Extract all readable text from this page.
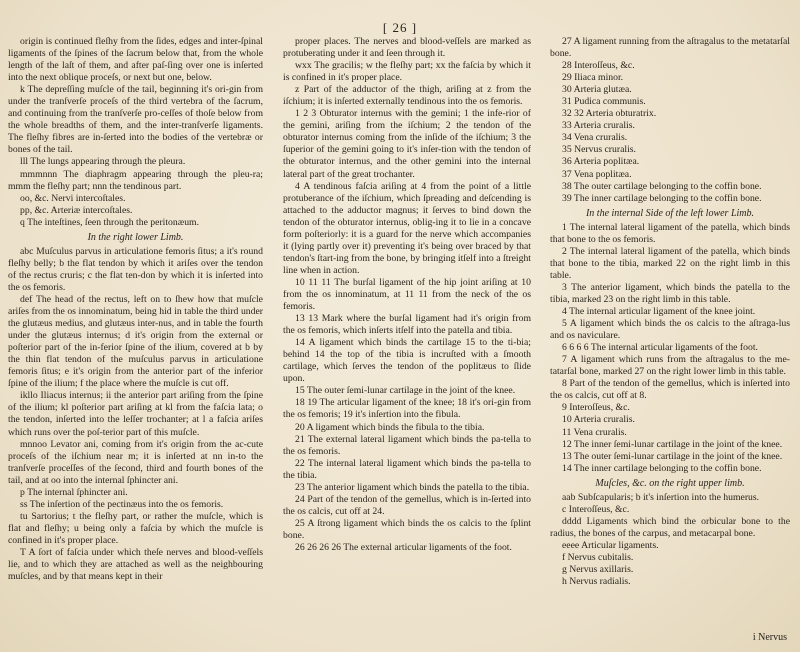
[ 26 ]

origin is continued fleſhy from the ſides, edges and inter-ſpinal ligaments of the ſpines of the ſacrum below that, from the whole length of the laſt of them, and after paſ-ſing over one is inſerted into the next oblique proceſs, or next but one, below.

k The depreſſing muſcle of the tail, beginning it's ori-gin from under the tranſverſe proceſs of the third vertebra of the ſacrum, and continuing from the tranſverſe pro-ceſſes of thoſe below from the whole breadths of them, and the inter-tranſverſe ligaments. The fleſhy fibres are in-ſerted into the bodies of the vertebræ or bones of the tail.

lll The lungs appearing through the pleura.

mmmnnn The diaphragm appearing through the pleu-ra; mmm the fleſhy part; nnn the tendinous part.

oo, &c. Nervi intercoſtales.

pp, &c. Arteriæ intercoſtales.

q The inteſtines, ſeen through the peritonæum.

In the right lower Limb.

abc Muſculus parvus in articulatione femoris ſitus; a it's round fleſhy belly; b the flat tendon by which it ariſes over the tendon of the rectus cruris; c the flat ten-don by which it is inſerted into the os femoris.

def The head of the rectus, left on to ſhew how that muſcle ariſes from the os innominatum, being hid in table the third under the glutæus medius, and glutæus inter-nus, and in table the fourth under the glutæus internus; d it's origin from the external or poſterior part of the in-ferior ſpine of the ilium, covered at b by the thin flat tendon of the muſculus parvus in articulatione femoris ſitus; e it's origin from the anterior part of the inferior ſpine of the ilium; f the place where the muſcle is cut off.

ikllo Iliacus internus; ii the anterior part ariſing from the ſpine of the ilium; kl poſterior part ariſing at kl from the faſcia lata; o the tendon, inſerted into the leſſer trochanter; at l a faſcia ariſes which runs over the poſ-terior part of this muſcle.

mnnoo Levator ani, coming from it's origin from the ac-cute proceſs of the iſchium near m; it is inſerted at nn in-to the tranſverſe proceſſes of the ſecond, third and fourth bones of the tail, and at oo into the internal ſphincter ani.

p The internal ſphincter ani.

ss The inſertion of the pectinæus into the os femoris.

tu Sartorius; t the fleſhy part, or rather the muſcle, which is flat and fleſhy; u being only a faſcia by which the muſcle is confined in it's proper place.

T A ſort of faſcia under which theſe nerves and blood-veſſels lie, and to which they are attached as well as the neighbouring muſcles, and by that means kept in their

proper places. The nerves and blood-veſſels are marked as protuberating under it and ſeen through it.

wxx The gracilis; w the fleſhy part; xx the faſcia by which it is confined in it's proper place.

z Part of the adductor of the thigh, ariſing at z from the iſchium; it is inſerted externally tendinous into the os femoris.

1 2 3 Obturator internus with the gemini; 1 the infe-rior of the gemini, ariſing from the iſchium; 2 the tendon of the obturator internus coming from the inſide of the iſchium; 3 the ſuperior of the gemini going to it's inſer-tion with the tendon of the obturator internus, and the other gemini into the internal lateral part of the great trochanter.

4 A tendinous faſcia ariſing at 4 from the point of a little protuberance of the iſchium, which ſpreading and deſcending is attached to the adductor magnus; it ſerves to bind down the tendon of the obturator internus, oblig-ing it to lie in a concave form poſteriorly: it is a guard for the nerve which accompanies it (lying partly over it) preventing it's being over braced by that tendon's ſtart-ing from the bone, by bringing itſelf into a ſtreight line when in action.

10 11 11 The burſal ligament of the hip joint ariſing at 10 from the os innominatum, at 11 11 from the neck of the os femoris.

13 13 Mark where the burſal ligament had it's origin from the os femoris, which inſerts itſelf into the patella and tibia.

14 A ligament which binds the cartilage 15 to the ti-bia; behind 14 the top of the tibia is incruſted with a ſmooth cartilage, which ſerves the tendon of the poplitæus to ſlide upon.

15 The outer ſemi-lunar cartilage in the joint of the knee.

18 19 The articular ligament of the knee; 18 it's ori-gin from the os femoris; 19 it's inſertion into the fibula.

20 A ligament which binds the fibula to the tibia.

21 The external lateral ligament which binds the pa-tella to the os femoris.

22 The internal lateral ligament which binds the pa-tella to the tibia.

23 The anterior ligament which binds the patella to the tibia.

24 Part of the tendon of the gemellus, which is in-ſerted into the os calcis, cut off at 24.

25 A ſtrong ligament which binds the os calcis to the ſplint bone.

26 26 26 26 The external articular ligaments of the foot.

27 A ligament running from the aſtragalus to the metatarſal bone.

28 Interoſſeus, &c.

29 Iliaca minor.

30 Arteria glutæa.

31 Pudica communis.

32 32 Arteria obturatrix.

33 Arteria cruralis.

34 Vena cruralis.

35 Nervus cruralis.

36 Arteria poplitæa.

37 Vena poplitæa.

38 The outer cartilage belonging to the coffin bone.

39 The inner cartilage belonging to the coffin bone.

In the internal Side of the left lower Limb.

1 The internal lateral ligament of the patella, which binds that bone to the os femoris.

2 The internal lateral ligament of the patella, which binds that bone to the tibia, marked 22 on the right limb in this table.

3 The anterior ligament, which binds the patella to the tibia, marked 23 on the right limb in this table.

4 The internal articular ligament of the knee joint.

5 A ligament which binds the os calcis to the aſtraga-lus and os naviculare.

6 6 6 6 The internal articular ligaments of the foot.

7 A ligament which runs from the aſtragalus to the me-tatarſal bone, marked 27 on the right lower limb in this table.

8 Part of the tendon of the gemellus, which is inſerted into the os calcis, cut off at 8.

9 Interoſſeus, &c.

10 Arteria cruralis.

11 Vena cruralis.

12 The inner ſemi-lunar cartilage in the joint of the knee.

13 The outer ſemi-lunar cartilage in the joint of the knee.

14 The inner cartilage belonging to the coffin bone.

Muſcles, &c. on the right upper limb.

aab Subſcapularis; b it's inſertion into the humerus.

c Interoſſeus, &c.

dddd Ligaments which bind the orbicular bone to the radius, the bones of the carpus, and metacarpal bone.

eeee Articular ligaments.

f Nervus cubitalis.

g Nervus axillaris.

h Nervus radialis.

i Nervus
